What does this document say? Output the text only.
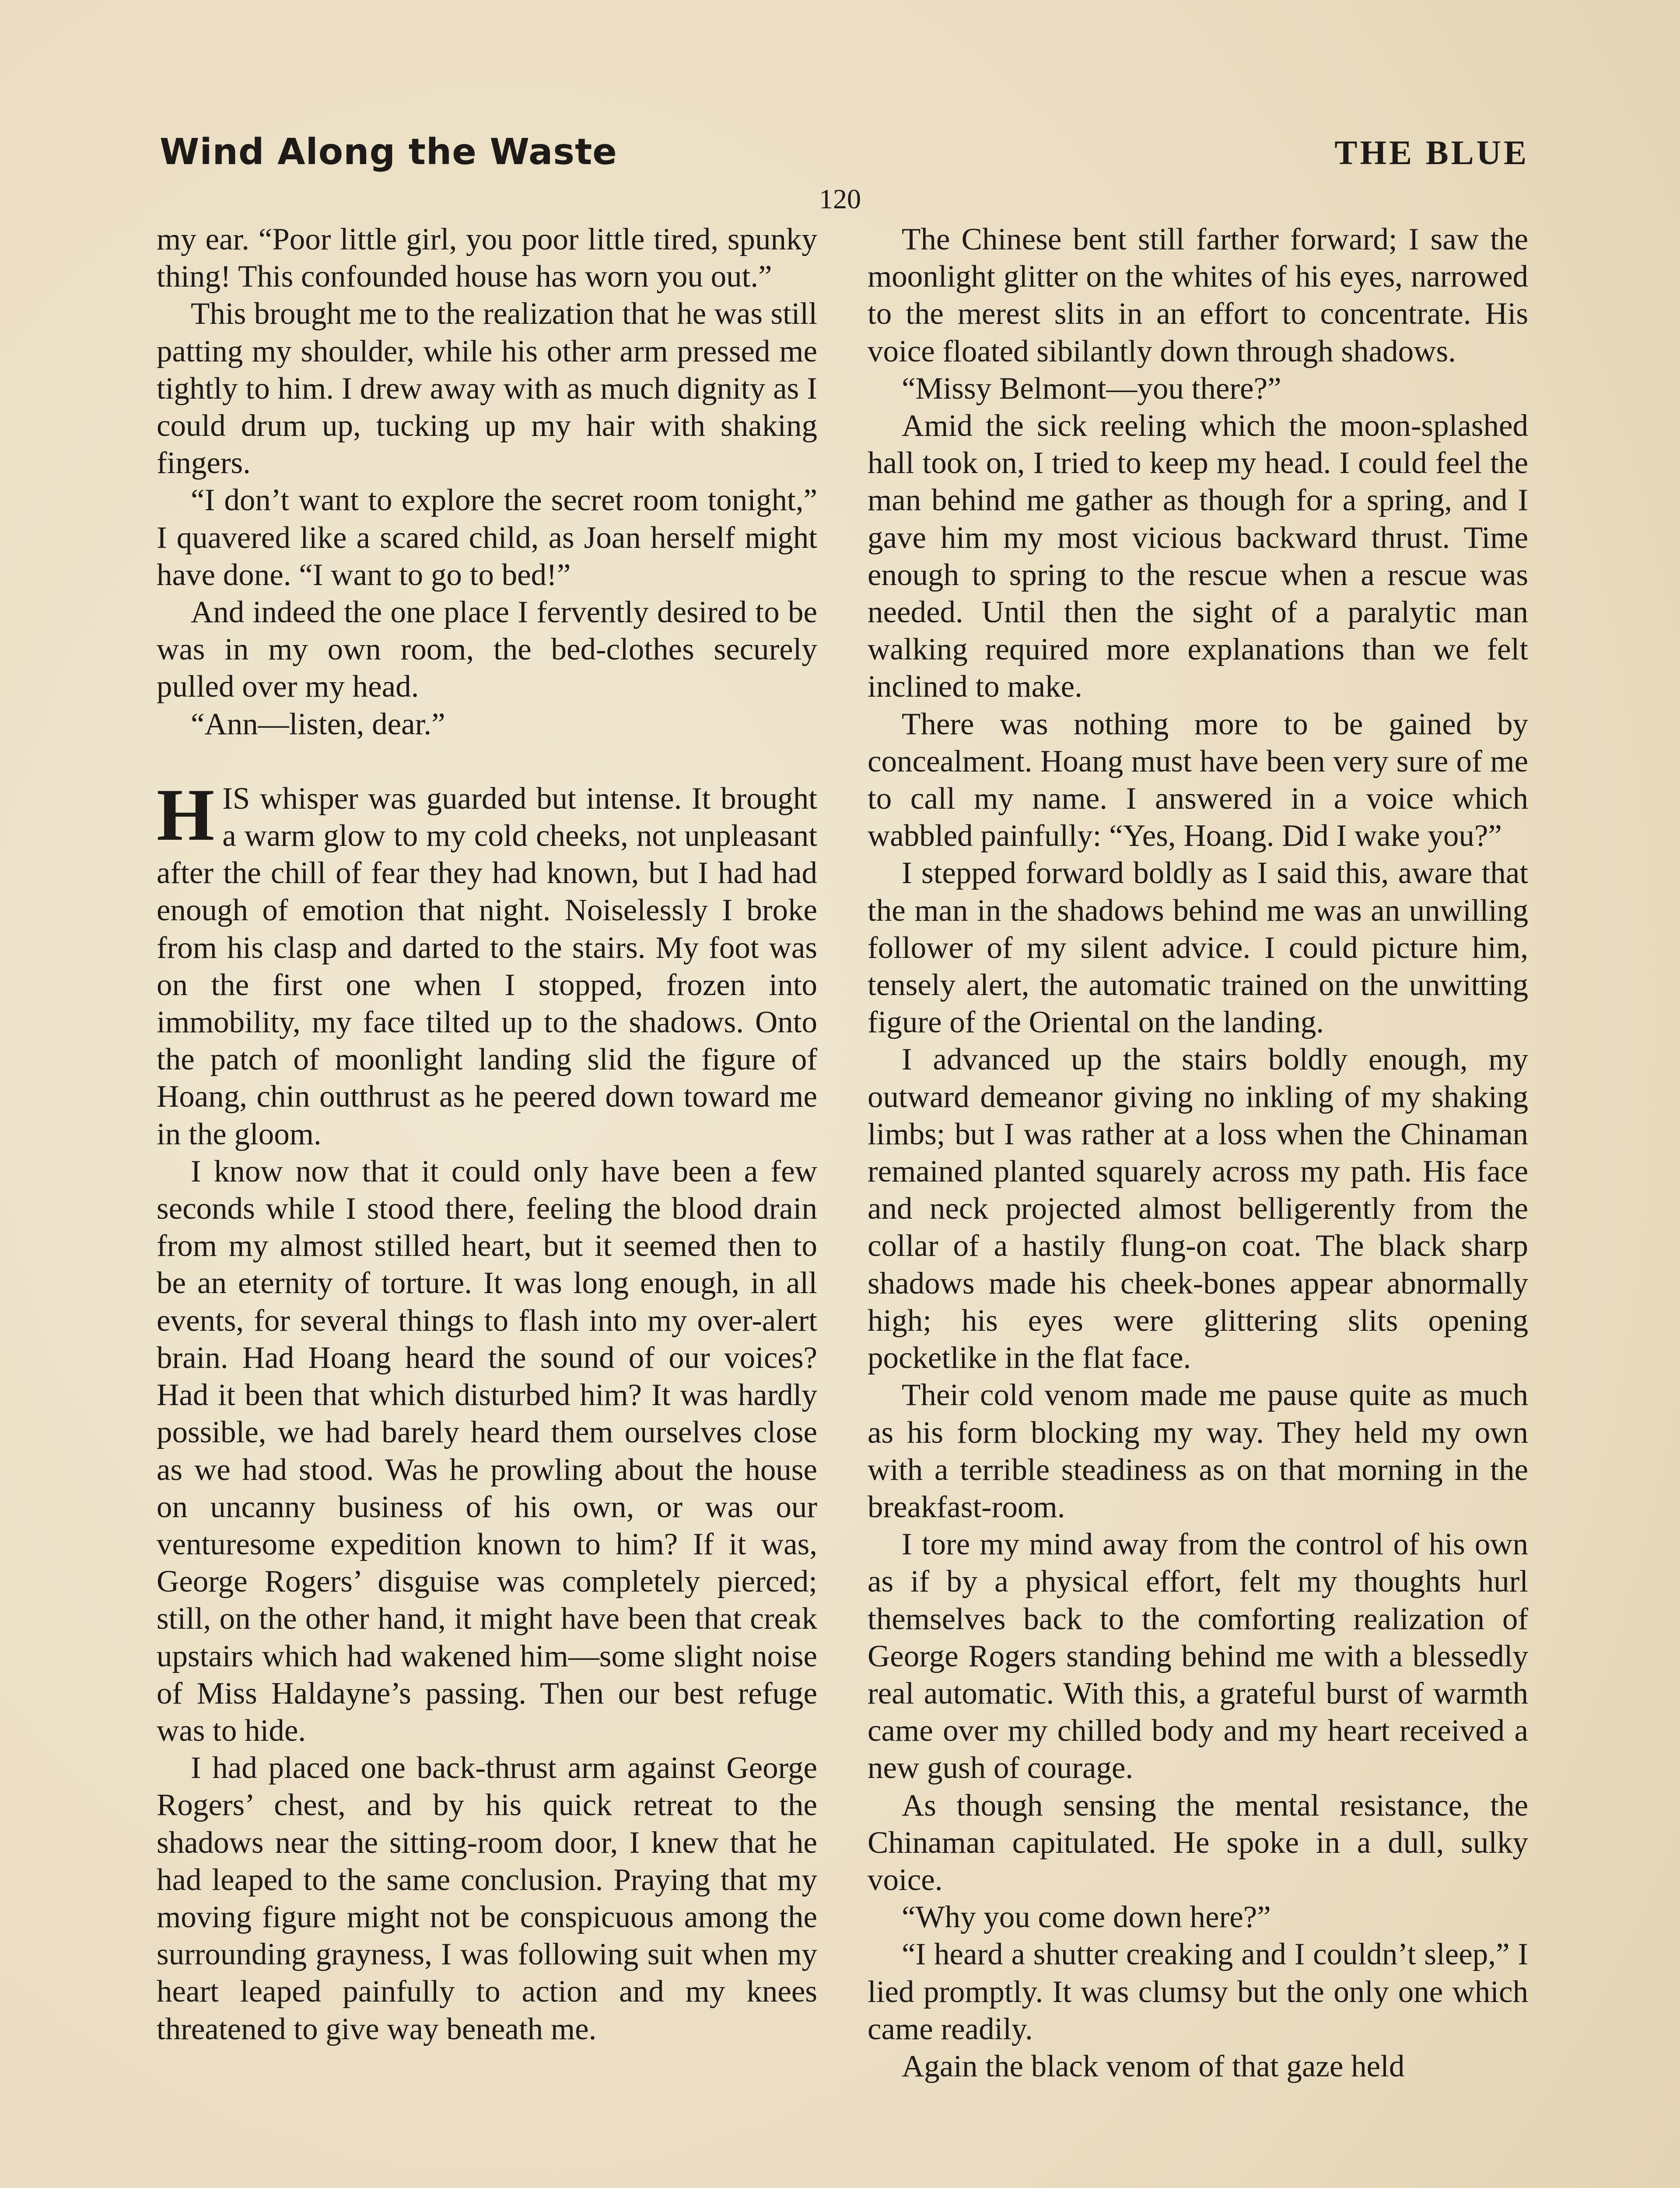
Wind Along the Waste	THE BLUE
120

my ear. “Poor little girl, you poor little tired, spunky thing! This confounded house has worn you out.”

This brought me to the realization that he was still patting my shoulder, while his other arm pressed me tightly to him. I drew away with as much dignity as I could drum up, tucking up my hair with shaking fingers.

“I don’t want to explore the secret room tonight,” I quavered like a scared child, as Joan herself might have done. “I want to go to bed!”

And indeed the one place I fervently desired to be was in my own room, the bed-clothes securely pulled over my head.

“Ann—listen, dear.”

HIS whisper was guarded but intense. It brought a warm glow to my cold cheeks, not unpleasant after the chill of fear they had known, but I had had enough of emotion that night. Noiselessly I broke from his clasp and darted to the stairs. My foot was on the first one when I stopped, frozen into immobility, my face tilted up to the shadows. Onto the patch of moonlight landing slid the figure of Hoang, chin outthrust as he peered down toward me in the gloom.

I know now that it could only have been a few seconds while I stood there, feeling the blood drain from my almost stilled heart, but it seemed then to be an eternity of torture. It was long enough, in all events, for several things to flash into my over-alert brain. Had Hoang heard the sound of our voices? Had it been that which disturbed him? It was hardly possible, we had barely heard them ourselves close as we had stood. Was he prowling about the house on uncanny business of his own, or was our venturesome expedition known to him? If it was, George Rogers’ disguise was completely pierced; still, on the other hand, it might have been that creak upstairs which had wakened him—some slight noise of Miss Haldayne’s passing. Then our best refuge was to hide.

I had placed one back-thrust arm against George Rogers’ chest, and by his quick retreat to the shadows near the sitting-room door, I knew that he had leaped to the same conclusion. Praying that my moving figure might not be conspicuous among the surrounding grayness, I was following suit when my heart leaped painfully to action and my knees threatened to give way beneath me.

The Chinese bent still farther forward; I saw the moonlight glitter on the whites of his eyes, narrowed to the merest slits in an effort to concentrate. His voice floated sibilantly down through shadows.

“Missy Belmont—you there?”

Amid the sick reeling which the moon-splashed hall took on, I tried to keep my head. I could feel the man behind me gather as though for a spring, and I gave him my most vicious backward thrust. Time enough to spring to the rescue when a rescue was needed. Until then the sight of a paralytic man walking required more explanations than we felt inclined to make.

There was nothing more to be gained by concealment. Hoang must have been very sure of me to call my name. I answered in a voice which wabbled painfully: “Yes, Hoang. Did I wake you?”

I stepped forward boldly as I said this, aware that the man in the shadows behind me was an unwilling follower of my silent advice. I could picture him, tensely alert, the automatic trained on the unwitting figure of the Oriental on the landing.

I advanced up the stairs boldly enough, my outward demeanor giving no inkling of my shaking limbs; but I was rather at a loss when the Chinaman remained planted squarely across my path. His face and neck projected almost belligerently from the collar of a hastily flung-on coat. The black sharp shadows made his cheek-bones appear abnormally high; his eyes were glittering slits opening pocketlike in the flat face.

Their cold venom made me pause quite as much as his form blocking my way. They held my own with a terrible steadiness as on that morning in the breakfast-room.

I tore my mind away from the control of his own as if by a physical effort, felt my thoughts hurl themselves back to the comforting realization of George Rogers standing behind me with a blessedly real automatic. With this, a grateful burst of warmth came over my chilled body and my heart received a new gush of courage.

As though sensing the mental resistance, the Chinaman capitulated. He spoke in a dull, sulky voice.

“Why you come down here?”

“I heard a shutter creaking and I couldn’t sleep,” I lied promptly. It was clumsy but the only one which came readily.

Again the black venom of that gaze held
